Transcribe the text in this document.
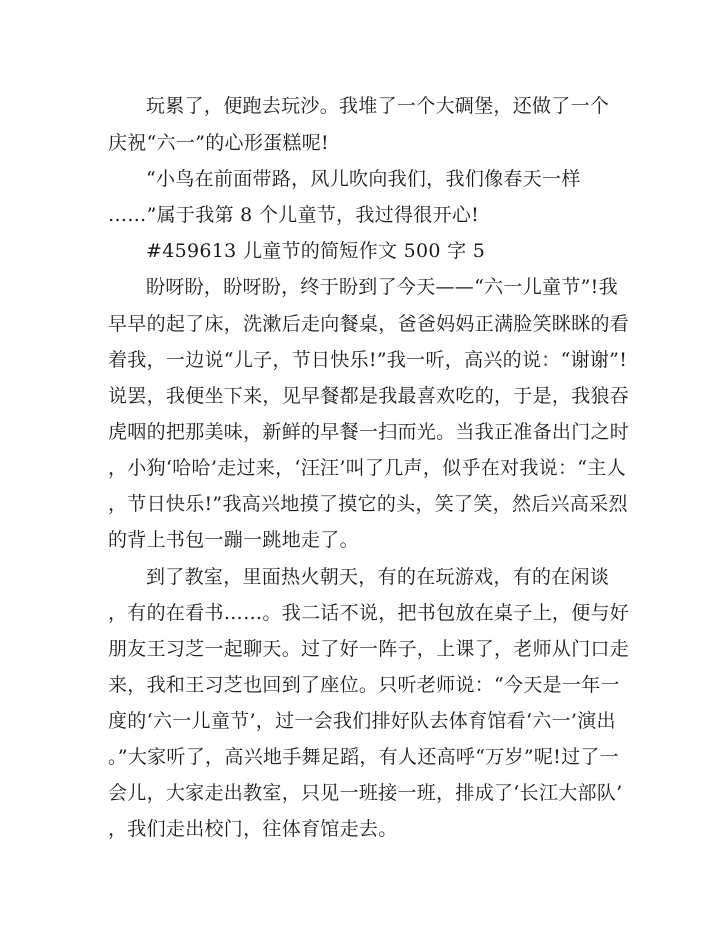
玩累了，便跑去玩沙。我堆了一个大碉堡，还做了一个
庆祝“六一”的心形蛋糕呢!
“小鸟在前面带路，风儿吹向我们，我们像春天一样
……”属于我第 8 个儿童节，我过得很开心!
#459613 儿童节的简短作文 500 字 5
盼呀盼，盼呀盼，终于盼到了今天——“六一儿童节”!我
早早的起了床，洗漱后走向餐桌，爸爸妈妈正满脸笑眯眯的看
着我，一边说“儿子，节日快乐!”我一听，高兴的说：“谢谢”!
说罢，我便坐下来，见早餐都是我最喜欢吃的，于是，我狼吞
虎咽的把那美味，新鲜的早餐一扫而光。当我正准备出门之时
，小狗‘哈哈’走过来，‘汪汪’叫了几声，似乎在对我说：“主人
，节日快乐!”我高兴地摸了摸它的头，笑了笑，然后兴高采烈
的背上书包一蹦一跳地走了。
到了教室，里面热火朝天，有的在玩游戏，有的在闲谈
，有的在看书……。我二话不说，把书包放在桌子上，便与好
朋友王习芝一起聊天。过了好一阵子，上课了，老师从门口走
来，我和王习芝也回到了座位。只听老师说：“今天是一年一
度的‘六一儿童节’，过一会我们排好队去体育馆看‘六一’演出
。”大家听了，高兴地手舞足蹈，有人还高呼“万岁”呢!过了一
会儿，大家走出教室，只见一班接一班，排成了‘长江大部队’
，我们走出校门，往体育馆走去。
